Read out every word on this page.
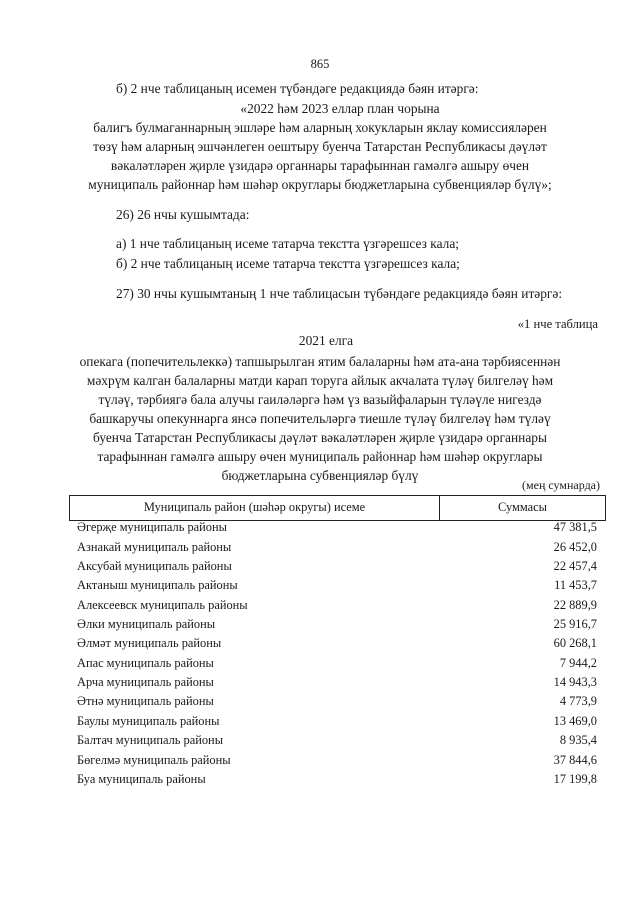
865
б) 2 нче таблицаның исемен түбәндәге редакциядә бәян итәргә:
«2022 һәм 2023 еллар план чорына
балигъ булмаганнарның эшләре һәм аларның хокукларын яклау комиссияләрен
төзү һәм аларның эшчәнлеген оештыру буенча Татарстан Республикасы дәүләт
вәкаләтләрен җирле үзидарә органнары тарафыннан гамәлгә ашыру өчен
муниципаль районнар һәм шәһәр округлары бюджетларына субвенцияләр бүлү»;
26) 26 нчы кушымтада:
а) 1 нче таблицаның исеме татарча текстта үзгәрешсез кала;
б) 2 нче таблицаның исеме татарча текстта үзгәрешсез кала;
27) 30 нчы кушымтаның 1 нче таблицасын түбәндәге редакциядә бәян итәргә:
«1 нче таблица
2021 елга
опекага (попечительлеккә) тапшырылган ятим балаларны һәм ата-ана тәрбиясеннән
мәхрүм калган балаларны матди карап торуга айлык акчалата түләү билгеләү һәм
түләү, тәрбиягә бала алучы гаиләләргә һәм үз вазыйфаларын түләүле нигездә
башкаручы опекуннарга янсә попечительләргә тиешле түләү билгеләү һәм түләү
буенча Татарстан Республикасы дәүләт вәкаләтләрен җирле үзидарә органнары
тарафыннан гамәлгә ашыру өчен муниципаль районнар һәм шәһәр округлары
бюджетларына субвенцияләр бүлү
(мең сумнарда)
Муниципаль район (шәһәр округы) исеме	Суммасы
Әгерҗе муниципаль районы	47 381,5
Азнакай муниципаль районы	26 452,0
Аксубай муниципаль районы	22 457,4
Актаныш муниципаль районы	11 453,7
Алексеевск муниципаль районы	22 889,9
Әлки муниципаль районы	25 916,7
Әлмәт муниципаль районы	60 268,1
Апас муниципаль районы	7 944,2
Арча муниципаль районы	14 943,3
Әтнә муниципаль районы	4 773,9
Баулы муниципаль районы	13 469,0
Балтач муниципаль районы	8 935,4
Бөгелмә муниципаль районы	37 844,6
Буа муниципаль районы	17 199,8
